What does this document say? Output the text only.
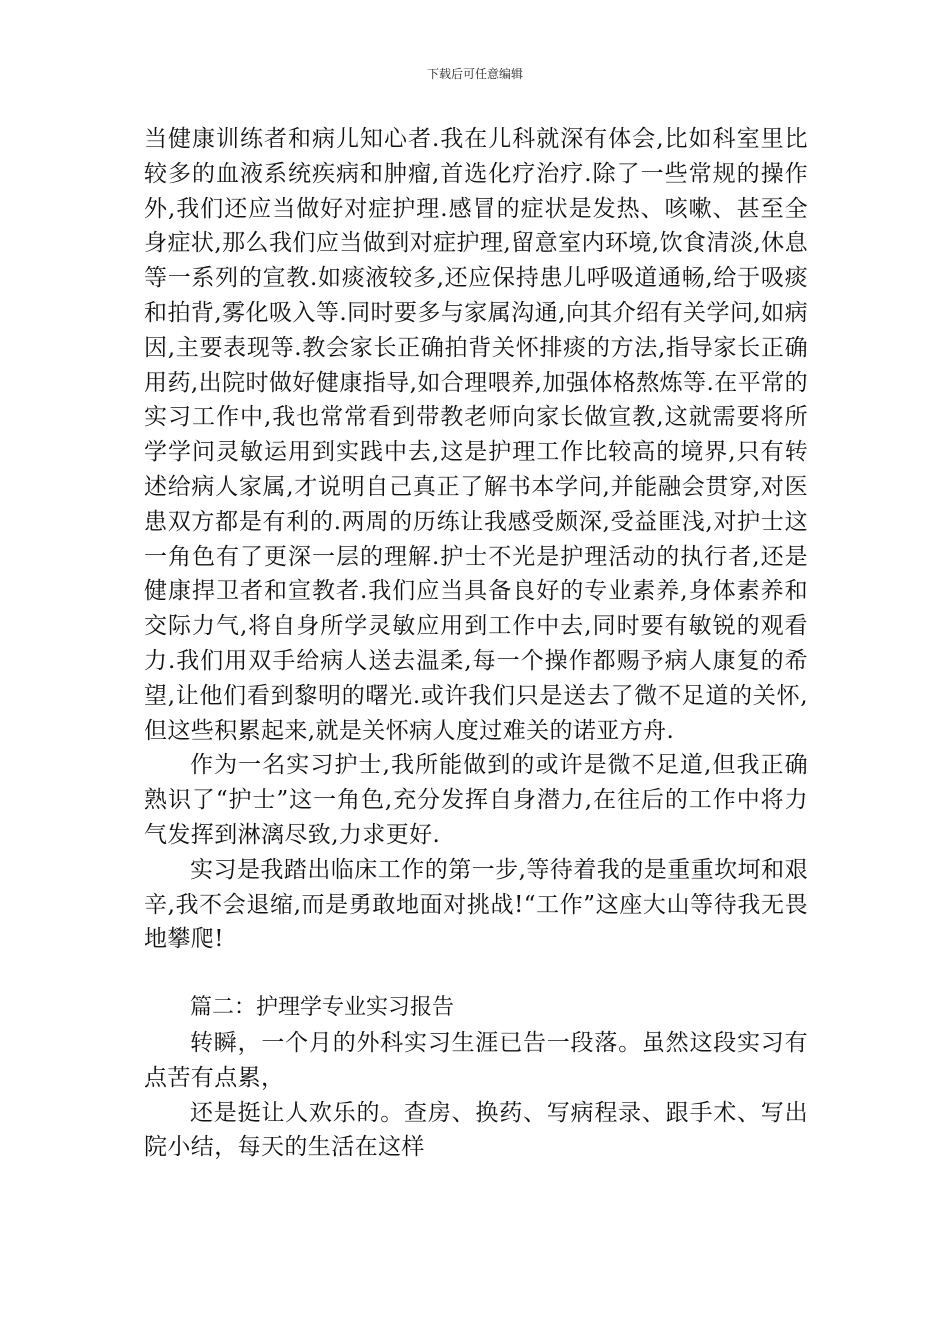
下载后可任意编辑

当健康训练者和病儿知心者.我在儿科就深有体会,比如科室里比较多的血液系统疾病和肿瘤,首选化疗治疗.除了一些常规的操作外,我们还应当做好对症护理.感冒的症状是发热、咳嗽、甚至全身症状,那么我们应当做到对症护理,留意室内环境,饮食清淡,休息等一系列的宣教.如痰液较多,还应保持患儿呼吸道通畅,给于吸痰和拍背,雾化吸入等.同时要多与家属沟通,向其介绍有关学问,如病因,主要表现等.教会家长正确拍背关怀排痰的方法,指导家长正确用药,出院时做好健康指导,如合理喂养,加强体格熬炼等.在平常的实习工作中,我也常常看到带教老师向家长做宣教,这就需要将所学学问灵敏运用到实践中去,这是护理工作比较高的境界,只有转述给病人家属,才说明自己真正了解书本学问,并能融会贯穿,对医患双方都是有利的.两周的历练让我感受颇深,受益匪浅,对护士这一角色有了更深一层的理解.护士不光是护理活动的执行者,还是健康捍卫者和宣教者.我们应当具备良好的专业素养,身体素养和交际力气,将自身所学灵敏应用到工作中去,同时要有敏锐的观看力.我们用双手给病人送去温柔,每一个操作都赐予病人康复的希望,让他们看到黎明的曙光.或许我们只是送去了微不足道的关怀,但这些积累起来,就是关怀病人度过难关的诺亚方舟.

作为一名实习护士,我所能做到的或许是微不足道,但我正确熟识了“护士”这一角色,充分发挥自身潜力,在往后的工作中将力气发挥到淋漓尽致,力求更好.

实习是我踏出临床工作的第一步,等待着我的是重重坎坷和艰辛,我不会退缩,而是勇敢地面对挑战!“工作”这座大山等待我无畏地攀爬!

篇二：护理学专业实习报告

转瞬，一个月的外科实习生涯已告一段落。虽然这段实习有点苦有点累，

还是挺让人欢乐的。查房、换药、写病程录、跟手术、写出院小结，每天的生活在这样
